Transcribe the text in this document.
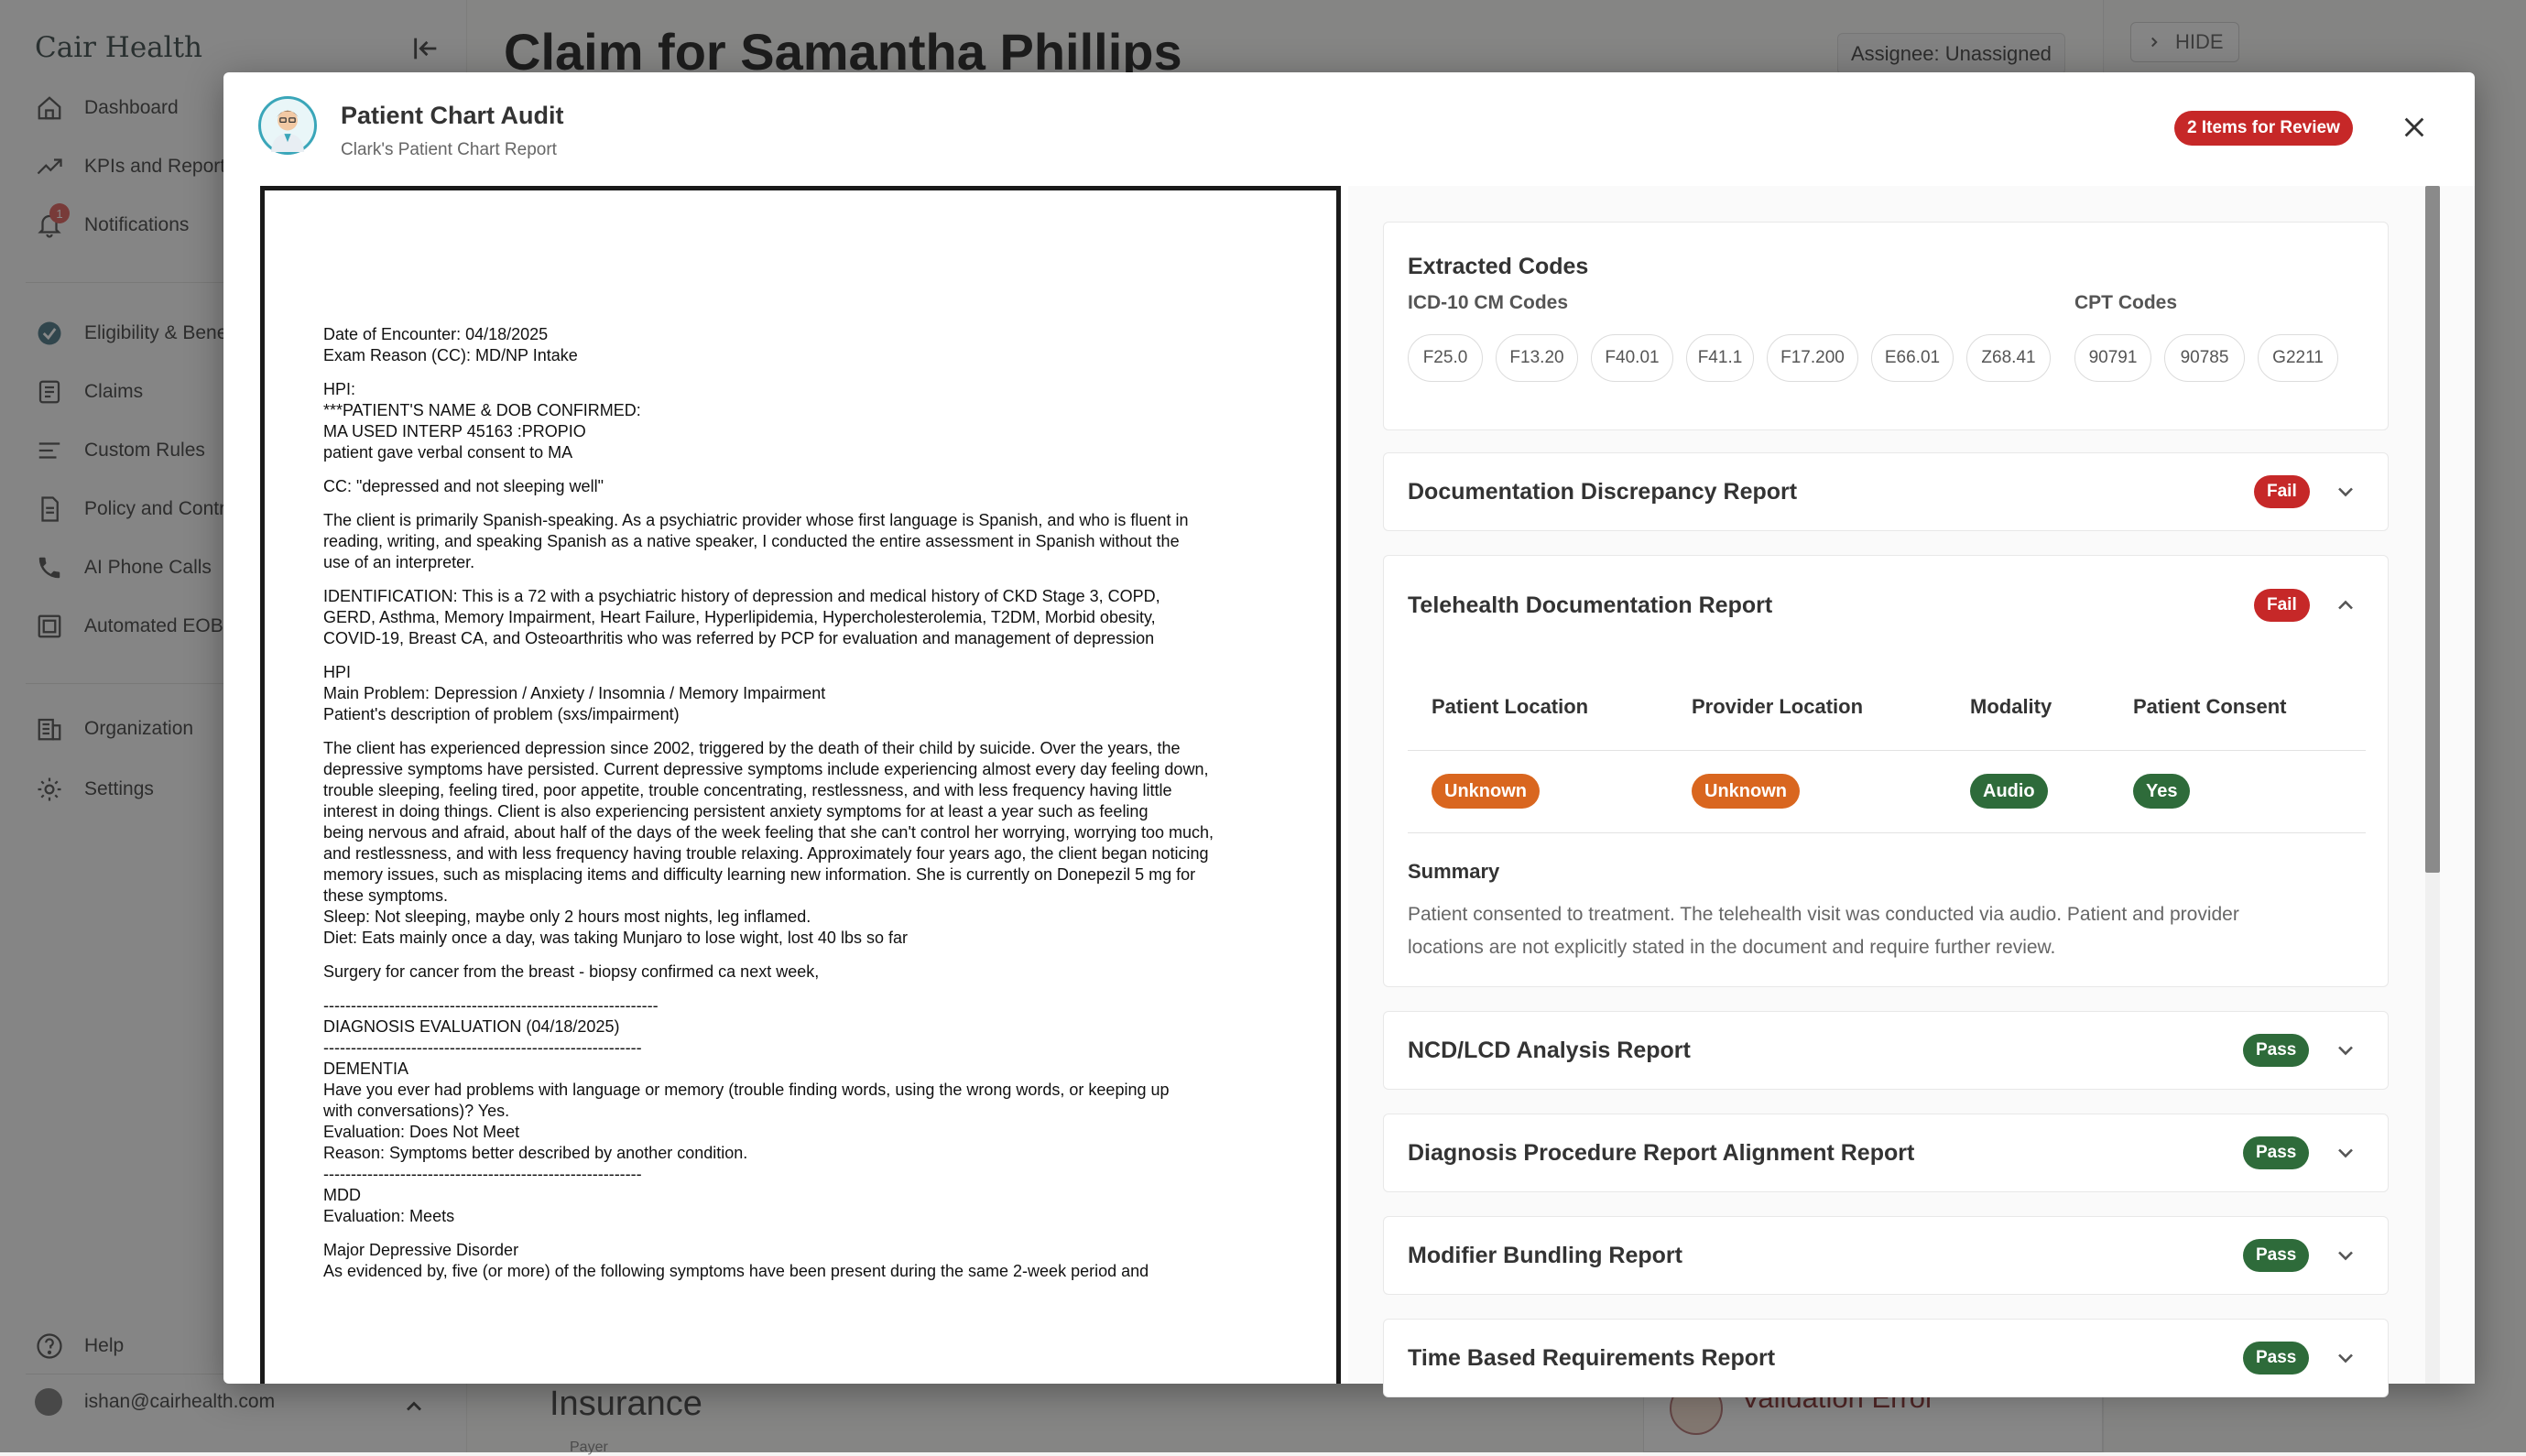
Patient Chart Audit
Clark's Patient Chart Report
2 Items for Review
Date of Encounter: 04/18/2025
Exam Reason (CC): MD/NP Intake
HPI:
***PATIENT'S NAME & DOB CONFIRMED:
MA USED INTERP 45163 :PROPIO
patient gave verbal consent to MA
CC: "depressed and not sleeping well"
The client is primarily Spanish-speaking. As a psychiatric provider whose first language is Spanish, and who is fluent in
reading, writing, and speaking Spanish as a native speaker, I conducted the entire assessment in Spanish without the
use of an interpreter.
IDENTIFICATION: This is a 72 with a psychiatric history of depression and medical history of CKD Stage 3, COPD,
GERD, Asthma, Memory Impairment, Heart Failure, Hyperlipidemia, Hypercholesterolemia, T2DM, Morbid obesity,
COVID-19, Breast CA, and Osteoarthritis who was referred by PCP for evaluation and management of depression
HPI
Main Problem: Depression / Anxiety / Insomnia / Memory Impairment
Patient's description of problem (sxs/impairment)
The client has experienced depression since 2002, triggered by the death of their child by suicide. Over the years, the
depressive symptoms have persisted. Current depressive symptoms include experiencing almost every day feeling down,
trouble sleeping, feeling tired, poor appetite, trouble concentrating, restlessness, and with less frequency having little
interest in doing things. Client is also experiencing persistent anxiety symptoms for at least a year such as feeling
being nervous and afraid, about half of the days of the week feeling that she can't control her worrying, worrying too much,
and restlessness, and with less frequency having trouble relaxing. Approximately four years ago, the client began noticing
memory issues, such as misplacing items and difficulty learning new information. She is currently on Donepezil 5 mg for
these symptoms.
Sleep: Not sleeping, maybe only 2 hours most nights, leg inflamed.
Diet: Eats mainly once a day, was taking Munjaro to lose wight, lost 40 lbs so far
Surgery for cancer from the breast - biopsy confirmed ca next week,
-------------------------------------------------------------
DIAGNOSIS EVALUATION (04/18/2025)
----------------------------------------------------------
DEMENTIA
Have you ever had problems with language or memory (trouble finding words, using the wrong words, or keeping up
with conversations)? Yes.
Evaluation: Does Not Meet
Reason: Symptoms better described by another condition.
----------------------------------------------------------
MDD
Evaluation: Meets
Major Depressive Disorder
As evidenced by, five (or more) of the following symptoms have been present during the same 2-week period and
Extracted Codes
ICD-10 CM Codes	CPT Codes
F25.0	F13.20	F40.01	F41.1	F17.200	E66.01	Z68.41	90791	90785	G2211
Documentation Discrepancy Report	Fail
Telehealth Documentation Report	Fail
Patient Location	Provider Location	Modality	Patient Consent
Unknown	Unknown	Audio	Yes
Summary
Patient consented to treatment. The telehealth visit was conducted via audio. Patient and provider
locations are not explicitly stated in the document and require further review.
NCD/LCD Analysis Report	Pass
Diagnosis Procedure Report Alignment Report	Pass
Modifier Bundling Report	Pass
Time Based Requirements Report	Pass
